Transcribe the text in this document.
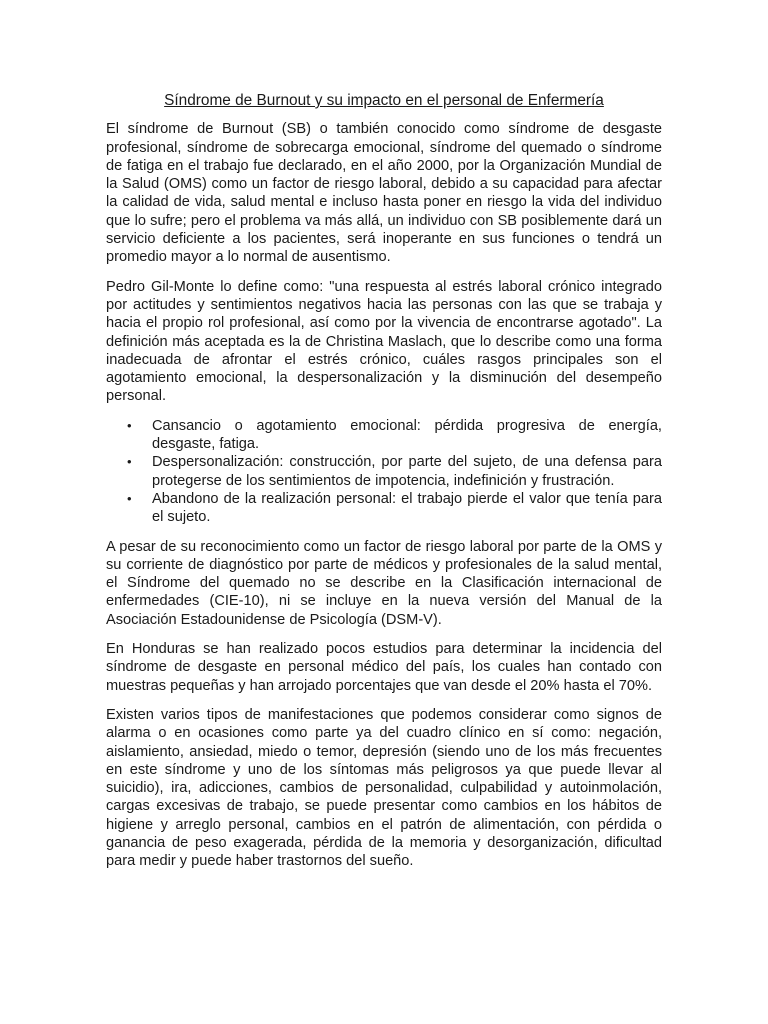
Síndrome de Burnout y su impacto en el personal de Enfermería

El síndrome de Burnout (SB) o también conocido como síndrome de desgaste profesional, síndrome de sobrecarga emocional, síndrome del quemado o síndrome de fatiga en el trabajo fue declarado, en el año 2000, por la Organización Mundial de la Salud (OMS) como un factor de riesgo laboral, debido a su capacidad para afectar la calidad de vida, salud mental e incluso hasta poner en riesgo la vida del individuo que lo sufre; pero el problema va más allá, un individuo con SB posiblemente dará un servicio deficiente a los pacientes, será inoperante en sus funciones o tendrá un promedio mayor a lo normal de ausentismo.

Pedro Gil-Monte lo define como: "una respuesta al estrés laboral crónico integrado por actitudes y sentimientos negativos hacia las personas con las que se trabaja y hacia el propio rol profesional, así como por la vivencia de encontrarse agotado". La definición más aceptada es la de Christina Maslach, que lo describe como una forma inadecuada de afrontar el estrés crónico, cuáles rasgos principales son el agotamiento emocional, la despersonalización y la disminución del desempeño personal.

• Cansancio o agotamiento emocional: pérdida progresiva de energía, desgaste, fatiga.
• Despersonalización: construcción, por parte del sujeto, de una defensa para protegerse de los sentimientos de impotencia, indefinición y frustración.
• Abandono de la realización personal: el trabajo pierde el valor que tenía para el sujeto.

A pesar de su reconocimiento como un factor de riesgo laboral por parte de la OMS y su corriente de diagnóstico por parte de médicos y profesionales de la salud mental, el Síndrome del quemado no se describe en la Clasificación internacional de enfermedades (CIE-10), ni se incluye en la nueva versión del Manual de la Asociación Estadounidense de Psicología (DSM-V).

En Honduras se han realizado pocos estudios para determinar la incidencia del síndrome de desgaste en personal médico del país, los cuales han contado con muestras pequeñas y han arrojado porcentajes que van desde el 20% hasta el 70%.

Existen varios tipos de manifestaciones que podemos considerar como signos de alarma o en ocasiones como parte ya del cuadro clínico en sí como: negación, aislamiento, ansiedad, miedo o temor, depresión (siendo uno de los más frecuentes en este síndrome y uno de los síntomas más peligrosos ya que puede llevar al suicidio), ira, adicciones, cambios de personalidad, culpabilidad y autoinmolación, cargas excesivas de trabajo, se puede presentar como cambios en los hábitos de higiene y arreglo personal, cambios en el patrón de alimentación, con pérdida o ganancia de peso exagerada, pérdida de la memoria y desorganización, dificultad para medir y puede haber trastornos del sueño.
